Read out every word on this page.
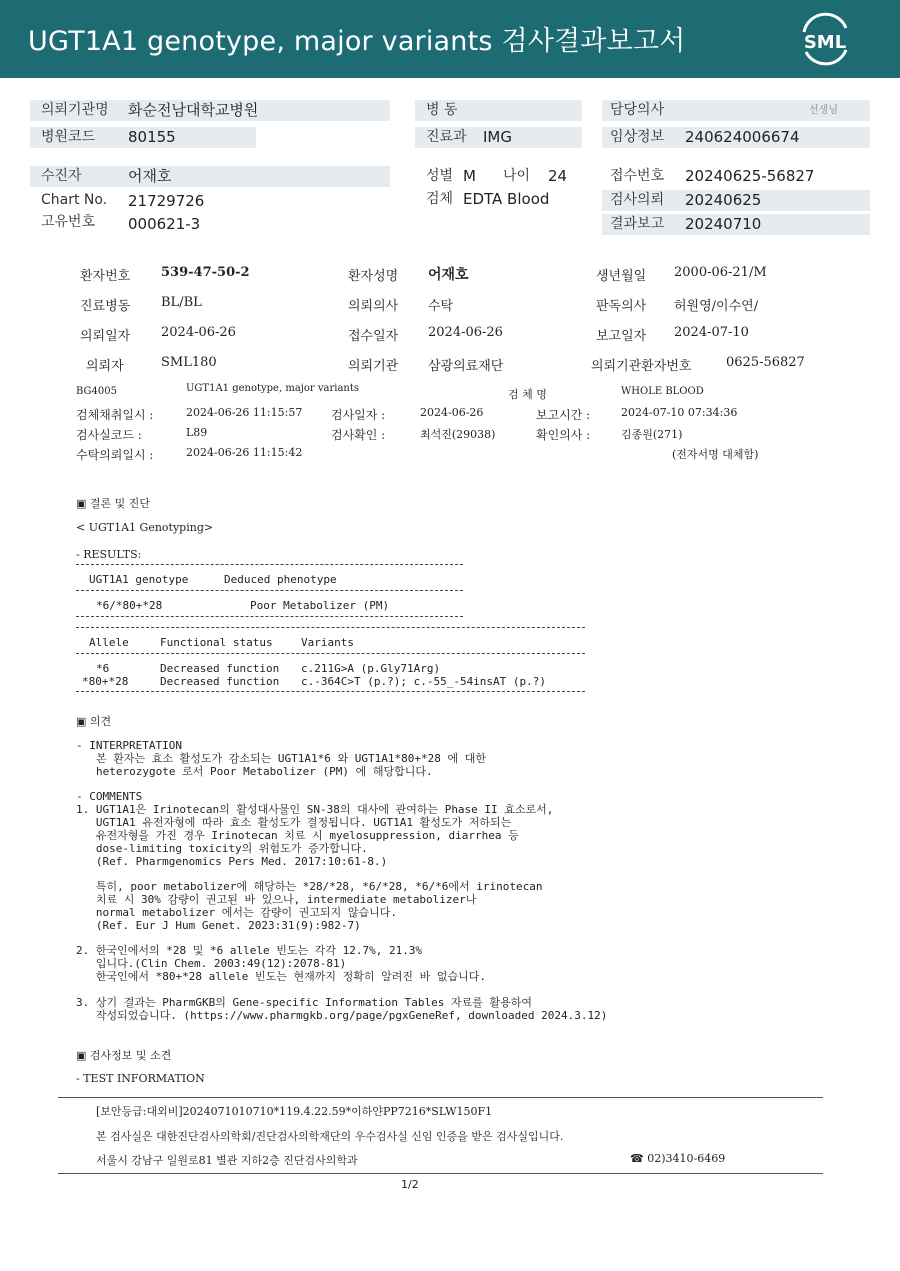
UGT1A1 genotype, major variants 검사결과보고서	SML
의뢰기관명 화순전남대학교병원
병원코드 80155
병 동
진료과 IMG
담당의사	선생님
임상정보 240624006674
수진자	어재호
Chart No. 21729726
고유번호 000621-3
성별 M 나이 24
검체 EDTA Blood
접수번호 20240625-56827
검사의뢰 20240625
결과보고 20240710
환자번호 539-47-50-2	환자성명 어재호	생년월일 2000-06-21/M
진료병동 BL/BL	의뢰의사 수탁	판독의사 허원영/이수연/
의뢰일자 2024-06-26	접수일자 2024-06-26	보고일자 2024-07-10
의뢰자	SML180	의뢰기관 삼광의료재단	의뢰기관환자번호	0625-56827
BG4005	UGT1A1 genotype, major variants	검 체 명	WHOLE BLOOD
검체채취일시 :	2024-06-26 11:15:57 검사일자 :	2024-06-26	보고시간 :	2024-07-10 07:34:36
검사실코드 :	L89	검사확인 :	최석진(29038)	확인의사 :	김종원(271)
수탁의뢰일시 :	2024-06-26 11:15:42	(전자서명 대체함)
▣ 결론 및 진단
< UGT1A1 Genotyping>
- RESULTS:
UGT1A1 genotype	Deduced phenotype
*6/*80+*28	Poor Metabolizer (PM)
Allele	Functional status	Variants
*6	Decreased function c.211G>A (p.Gly71Arg)
*80+*28	Decreased function c.-364C>T (p.?); c.-55_-54insAT (p.?)
▣ 의견
- INTERPRETATION
본 환자는 효소 활성도가 감소되는 UGT1A1*6 와 UGT1A1*80+*28 에 대한
heterozygote 로서 Poor Metabolizer (PM) 에 해당합니다.
- COMMENTS
1. UGT1A1은 Irinotecan의 활성대사물인 SN-38의 대사에 관여하는 Phase II 효소로서,
UGT1A1 유전자형에 따라 효소 활성도가 결정됩니다. UGT1A1 활성도가 저하되는
유전자형을 가진 경우 Irinotecan 치료 시 myelosuppression, diarrhea 등
dose-limiting toxicity의 위험도가 증가합니다.
(Ref. Pharmgenomics Pers Med. 2017:10:61-8.)
특히, poor metabolizer에 해당하는 *28/*28, *6/*28, *6/*6에서 irinotecan
치료 시 30% 감량이 권고된 바 있으나, intermediate metabolizer나
normal metabolizer 에서는 감량이 권고되지 않습니다.
(Ref. Eur J Hum Genet. 2023:31(9):982-7)
2. 한국인에서의 *28 및 *6 allele 빈도는 각각 12.7%, 21.3%
입니다.(Clin Chem. 2003:49(12):2078-81)
한국인에서 *80+*28 allele 빈도는 현재까지 정확히 알려진 바 없습니다.
3. 상기 결과는 PharmGKB의 Gene-specific Information Tables 자료를 활용하여
작성되었습니다. (https://www.pharmgkb.org/page/pgxGeneRef, downloaded 2024.3.12)
▣ 검사정보 및 소견
- TEST INFORMATION
[보안등급:대외비]2024071010710*119.4.22.59*이하얀PP7216*SLW150F1
본 검사실은 대한진단검사의학회/진단검사의학재단의 우수검사실 신임 인증을 받은 검사실입니다.
서울시 강남구 일원로81 별관 지하2층 진단검사의학과	☎ 02)3410-6469
1/2
